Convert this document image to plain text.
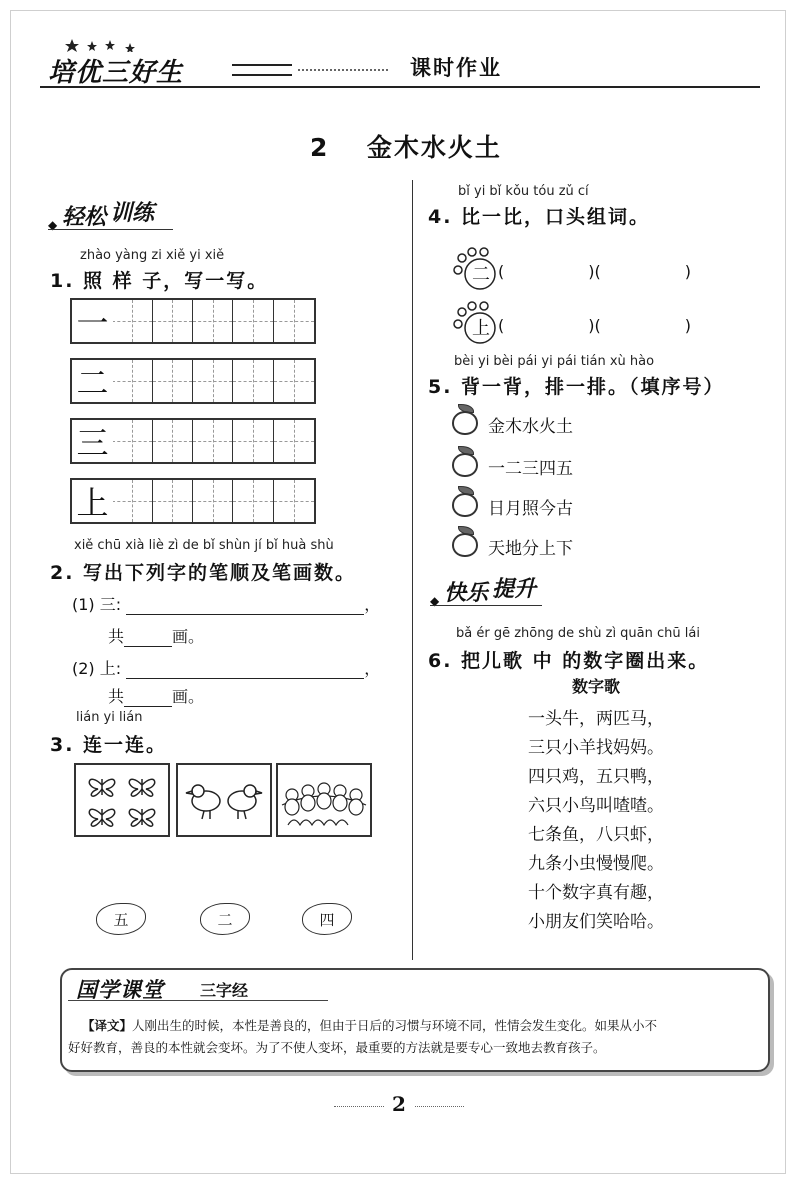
培优三好生	课时作业
2 金木水火土
◆ 轻松 训练
zhào yàng zi xiě yi xiě
1. 照 样 子，写一写。
一
二
三
上
xiě chū xià liè zì de bǐ shùn jí bǐ huà shù
2. 写出下列字的笔顺及笔画数。
(1) 三:	，
共	画。
(2) 上:	，
共	画。
lián yi lián
3. 连一连。
五	二	四
bǐ yi bǐ kǒu tóu zǔ cí
4. 比一比，口头组词。
二 (	)(	)
上 (	)(	)
bèi yi bèi pái yi pái tián xù hào
5. 背一背，排一排。（填序号）
金木水火土
一二三四五
日月照今古
天地分上下
◆ 快乐 提升
bǎ ér gē zhōng de shù zì quān chū lái
6. 把儿歌 中 的数字圈出来。
数字歌
一头牛，两匹马，
三只小羊找妈妈。
四只鸡，五只鸭，
六只小鸟叫喳喳。
七条鱼，八只虾，
九条小虫慢慢爬。
十个数字真有趣，
小朋友们笑哈哈。
国学课堂 三字经
【译文】人刚出生的时候，本性是善良的，但由于日后的习惯与环境不同，性情会发生变化。如果从小不
好好教育，善良的本性就会变坏。为了不使人变坏，最重要的方法就是要专心一致地去教育孩子。
2
